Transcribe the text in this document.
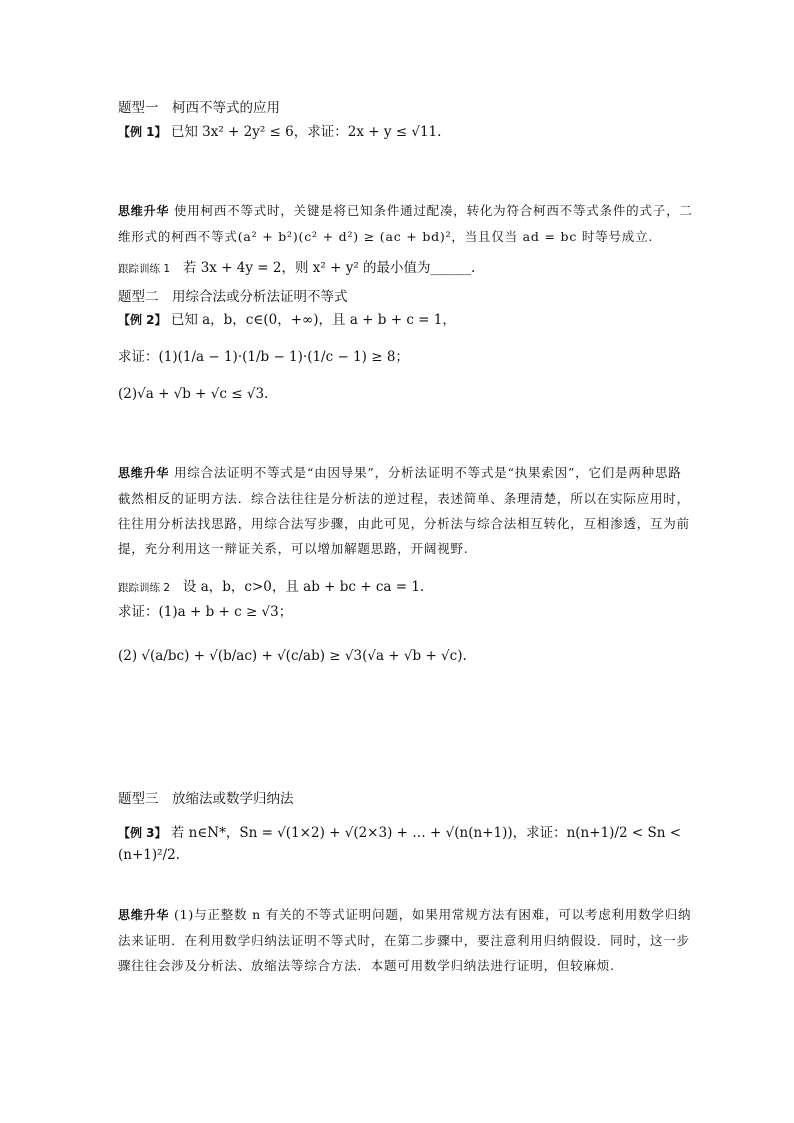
题型一　柯西不等式的应用
【例 1】 已知 3x² + 2y² ≤ 6，求证：2x + y ≤ √11.
思维升华 使用柯西不等式时，关键是将已知条件通过配凑，转化为符合柯西不等式条件的式子，二维形式的柯西不等式(a² + b²)(c² + d²) ≥ (ac + bd)²，当且仅当 ad = bc 时等号成立.
跟踪训练 1 若 3x + 4y = 2，则 x² + y² 的最小值为______.
题型二　用综合法或分析法证明不等式
【例 2】 已知 a，b，c∈(0，+∞)，且 a + b + c = 1，
求证：(1)(1/a − 1)·(1/b − 1)·(1/c − 1) ≥ 8；
(2)√a + √b + √c ≤ √3.
思维升华 用综合法证明不等式是“由因导果”，分析法证明不等式是“执果索因”，它们是两种思路截然相反的证明方法．综合法往往是分析法的逆过程，表述简单、条理清楚，所以在实际应用时，往往用分析法找思路，用综合法写步骤，由此可见，分析法与综合法相互转化，互相渗透，互为前提，充分利用这一辩证关系，可以增加解题思路，开阔视野.
跟踪训练 2 设 a，b，c>0，且 ab + bc + ca = 1.
求证：(1)a + b + c ≥ √3；
(2) √(a/bc) + √(b/ac) + √(c/ab) ≥ √3(√a + √b + √c).
题型三　放缩法或数学归纳法
【例 3】 若 n∈N*，Sn = √(1×2) + √(2×3) + … + √(n(n+1))，求证：n(n+1)/2 < Sn < (n+1)²/2.
思维升华 (1)与正整数 n 有关的不等式证明问题，如果用常规方法有困难，可以考虑利用数学归纳法来证明．在利用数学归纳法证明不等式时，在第二步骤中，要注意利用归纳假设．同时，这一步骤往往会涉及分析法、放缩法等综合方法．本题可用数学归纳法进行证明，但较麻烦.
